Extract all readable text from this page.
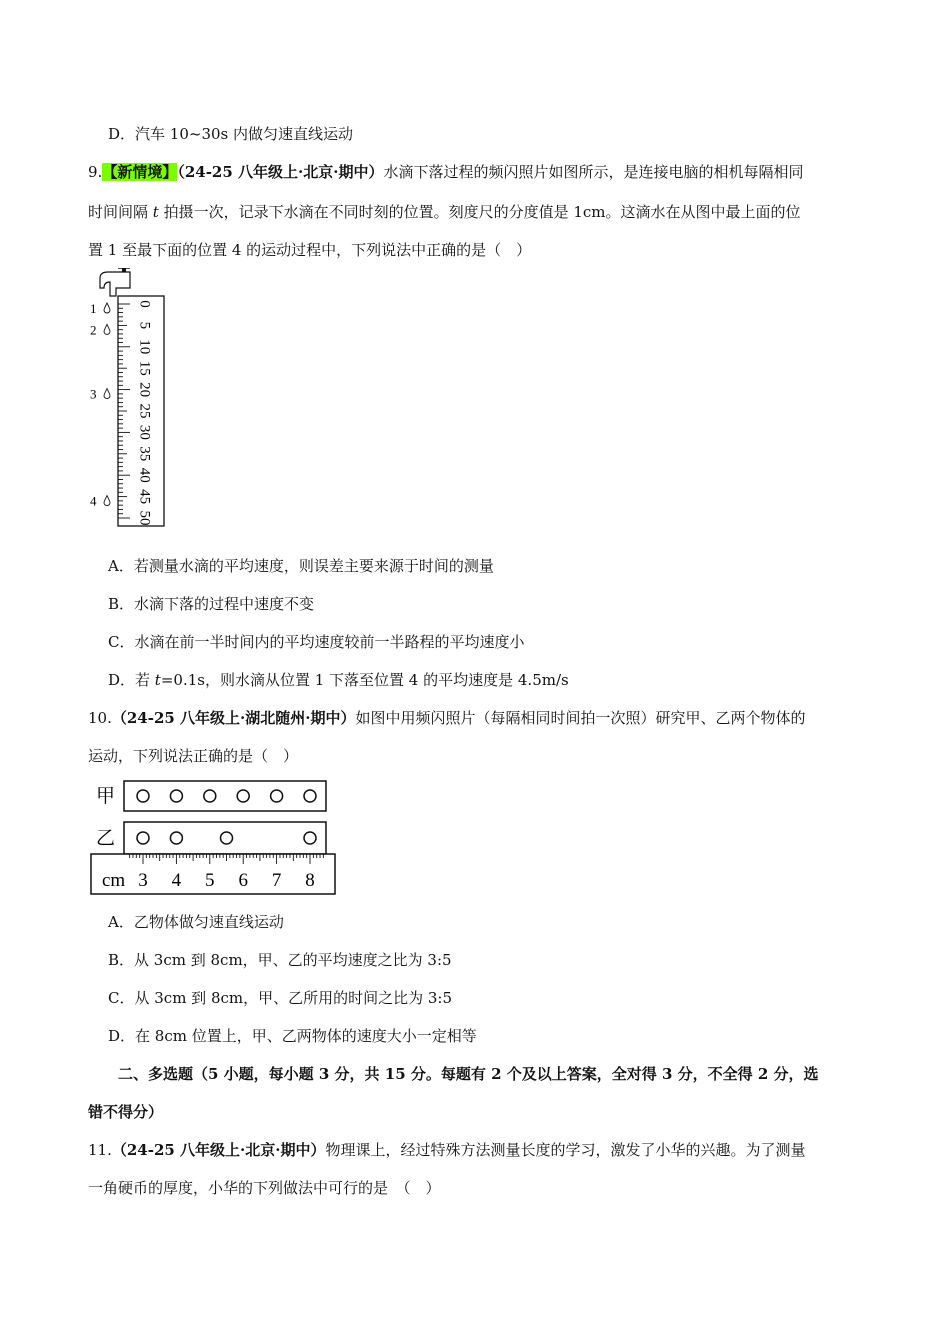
D．汽车 10~30s 内做匀速直线运动
9.【新情境】（24-25 八年级上·北京·期中）水滴下落过程的频闪照片如图所示，是连接电脑的相机每隔相同
时间间隔 t 拍摄一次，记录下水滴在不同时刻的位置。刻度尺的分度值是 1cm。这滴水在从图中最上面的位
置 1 至最下面的位置 4 的运动过程中，下列说法中正确的是（　）
0
5
10
15
20
25
30
35
40
45
50
1
2
3
4
A．若测量水滴的平均速度，则误差主要来源于时间的测量
B．水滴下落的过程中速度不变
C．水滴在前一半时间内的平均速度较前一半路程的平均速度小
D．若 t=0.1s，则水滴从位置 1 下落至位置 4 的平均速度是 4.5m/s
10.（24-25 八年级上·湖北随州·期中）如图中用频闪照片（每隔相同时间拍一次照）研究甲、乙两个物体的
运动，下列说法正确的是（　）
甲
乙
cm 3 4 5 6 7 8
A．乙物体做匀速直线运动
B．从 3cm 到 8cm，甲、乙的平均速度之比为 3:5
C．从 3cm 到 8cm，甲、乙所用的时间之比为 3:5
D．在 8cm 位置上，甲、乙两物体的速度大小一定相等
二、多选题（5 小题，每小题 3 分，共 15 分。每题有 2 个及以上答案，全对得 3 分，不全得 2 分，选
错不得分）
11.（24-25 八年级上·北京·期中）物理课上，经过特殊方法测量长度的学习，激发了小华的兴趣。为了测量
一角硬币的厚度，小华的下列做法中可行的是　（　）
